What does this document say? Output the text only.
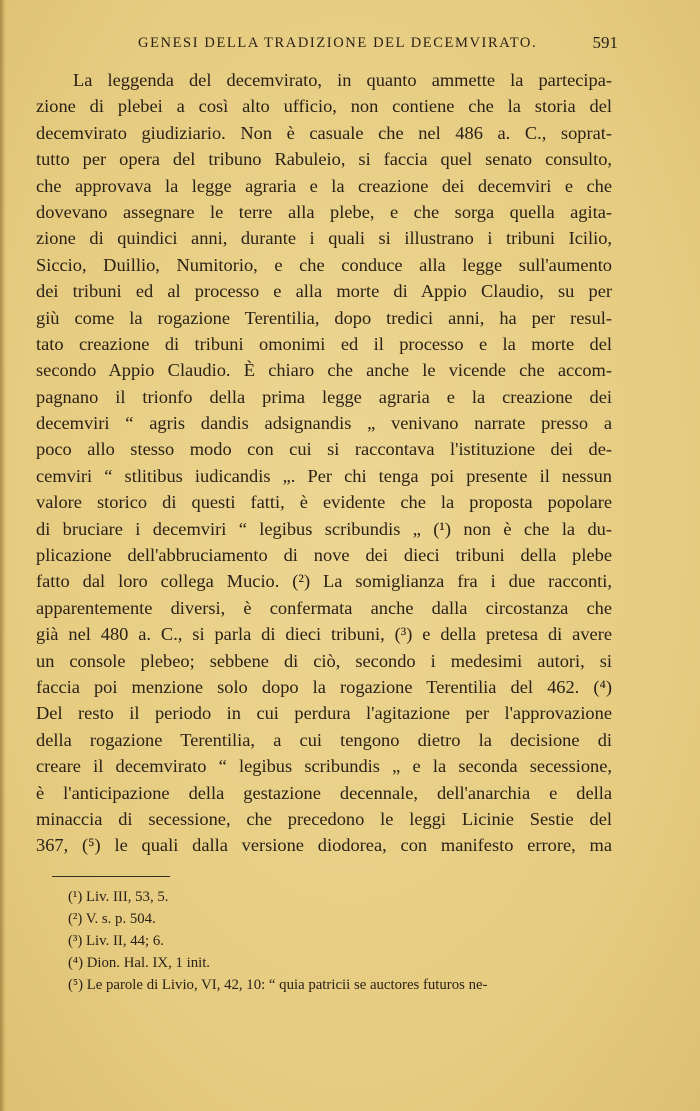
GENESI DELLA TRADIZIONE DEL DECEMVIRATO.	591
La leggenda del decemvirato, in quanto ammette la partecipa-
zione di plebei a così alto ufficio, non contiene che la storia del
decemvirato giudiziario. Non è casuale che nel 486 a. C., soprat-
tutto per opera del tribuno Rabuleio, si faccia quel senato consulto,
che approvava la legge agraria e la creazione dei decemviri e che
dovevano assegnare le terre alla plebe, e che sorga quella agita-
zione di quindici anni, durante i quali si illustrano i tribuni Icilio,
Siccio, Duillio, Numitorio, e che conduce alla legge sull'aumento
dei tribuni ed al processo e alla morte di Appio Claudio, su per
giù come la rogazione Terentilia, dopo tredici anni, ha per resul-
tato creazione di tribuni omonimi ed il processo e la morte del
secondo Appio Claudio. È chiaro che anche le vicende che accom-
pagnano il trionfo della prima legge agraria e la creazione dei
decemviri “ agris dandis adsignandis „ venivano narrate presso a
poco allo stesso modo con cui si raccontava l'istituzione dei de-
cemviri “ stlitibus iudicandis „. Per chi tenga poi presente il nessun
valore storico di questi fatti, è evidente che la proposta popolare
di bruciare i decemviri “ legibus scribundis „ (¹) non è che la du-
plicazione dell'abbruciamento di nove dei dieci tribuni della plebe
fatto dal loro collega Mucio. (²) La somiglianza fra i due racconti,
apparentemente diversi, è confermata anche dalla circostanza che
già nel 480 a. C., si parla di dieci tribuni, (³) e della pretesa di avere
un console plebeo; sebbene di ciò, secondo i medesimi autori, si
faccia poi menzione solo dopo la rogazione Terentilia del 462. (⁴)
Del resto il periodo in cui perdura l'agitazione per l'approvazione
della rogazione Terentilia, a cui tengono dietro la decisione di
creare il decemvirato “ legibus scribundis „ e la seconda secessione,
è l'anticipazione della gestazione decennale, dell'anarchia e della
minaccia di secessione, che precedono le leggi Licinie Sestie del
367, (⁵) le quali dalla versione diodorea, con manifesto errore, ma
(¹) Liv. III, 53, 5.
(²) V. s. p. 504.
(³) Liv. II, 44; 6.
(⁴) Dion. Hal. IX, 1 init.
(⁵) Le parole di Livio, VI, 42, 10: “ quia patricii se auctores futuros ne-
